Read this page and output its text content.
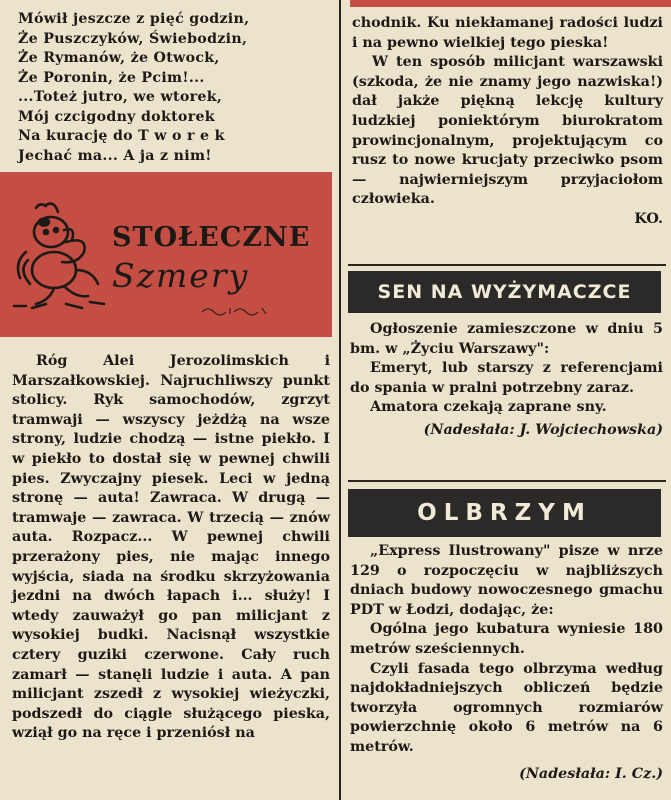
Mówił jeszcze z pięć godzin,
Że Puszczyków, Świebodzin,
Że Rymanów, że Otwock,
Że Poronin, że Pcim!...
...Toteż jutro, we wtorek,
Mój czcigodny doktorek
Na kurację do T w o r e k
Jechać ma... A ja z nim!
STOŁECZNE
Szmery

Róg Alei Jerozolimskich i Marszałkowskiej. Najruchliwszy punkt stolicy. Ryk samochodów, zgrzyt tramwaji — wszyscy jeżdżą na wsze strony, ludzie chodzą — istne piekło. I w piekło to dostał się w pewnej chwili pies. Zwyczajny piesek. Leci w jedną stronę — auta! Zawraca. W drugą — tramwaje — zawraca. W trzecią — znów auta. Rozpacz... W pewnej chwili przerażony pies, nie mając innego wyjścia, siada na środku skrzyżowania jezdni na dwóch łapach i... służy! I wtedy zauważył go pan milicjant z wysokiej budki. Nacisnął wszystkie cztery guziki czerwone. Cały ruch zamarł — stanęli ludzie i auta. A pan milicjant zszedł z wysokiej wieżyczki, podszedł do ciągle służącego pieska, wziął go na ręce i przeniósł na

chodnik. Ku niekłamanej radości ludzi i na pewno wielkiej tego pieska!

W ten sposób milicjant warszawski (szkoda, że nie znamy jego nazwiska!) dał jakże piękną lekcję kultury ludzkiej poniektórym biurokratom prowincjonalnym, projektującym co rusz to nowe krucjaty przeciwko psom — najwierniejszym przyjaciołom człowieka.

KO.

SEN NA WYŻYMACZCE

Ogłoszenie zamieszczone w dniu 5 bm. w „Życiu Warszawy":

Emeryt, lub starszy z referencjami do spania w pralni potrzebny zaraz.

Amatora czekają zaprane sny.

(Nadesłała: J. Wojciechowska)

OLBRZYM

„Express Ilustrowany" pisze w nrze 129 o rozpoczęciu w najbliższych dniach budowy nowoczesnego gmachu PDT w Łodzi, dodając, że:

Ogólna jego kubatura wyniesie 180 metrów sześciennych.

Czyli fasada tego olbrzyma według najdokładniejszych obliczeń będzie tworzyła ogromnych rozmiarów powierzchnię około 6 metrów na 6 metrów.

(Nadesłała: I. Cz.)
